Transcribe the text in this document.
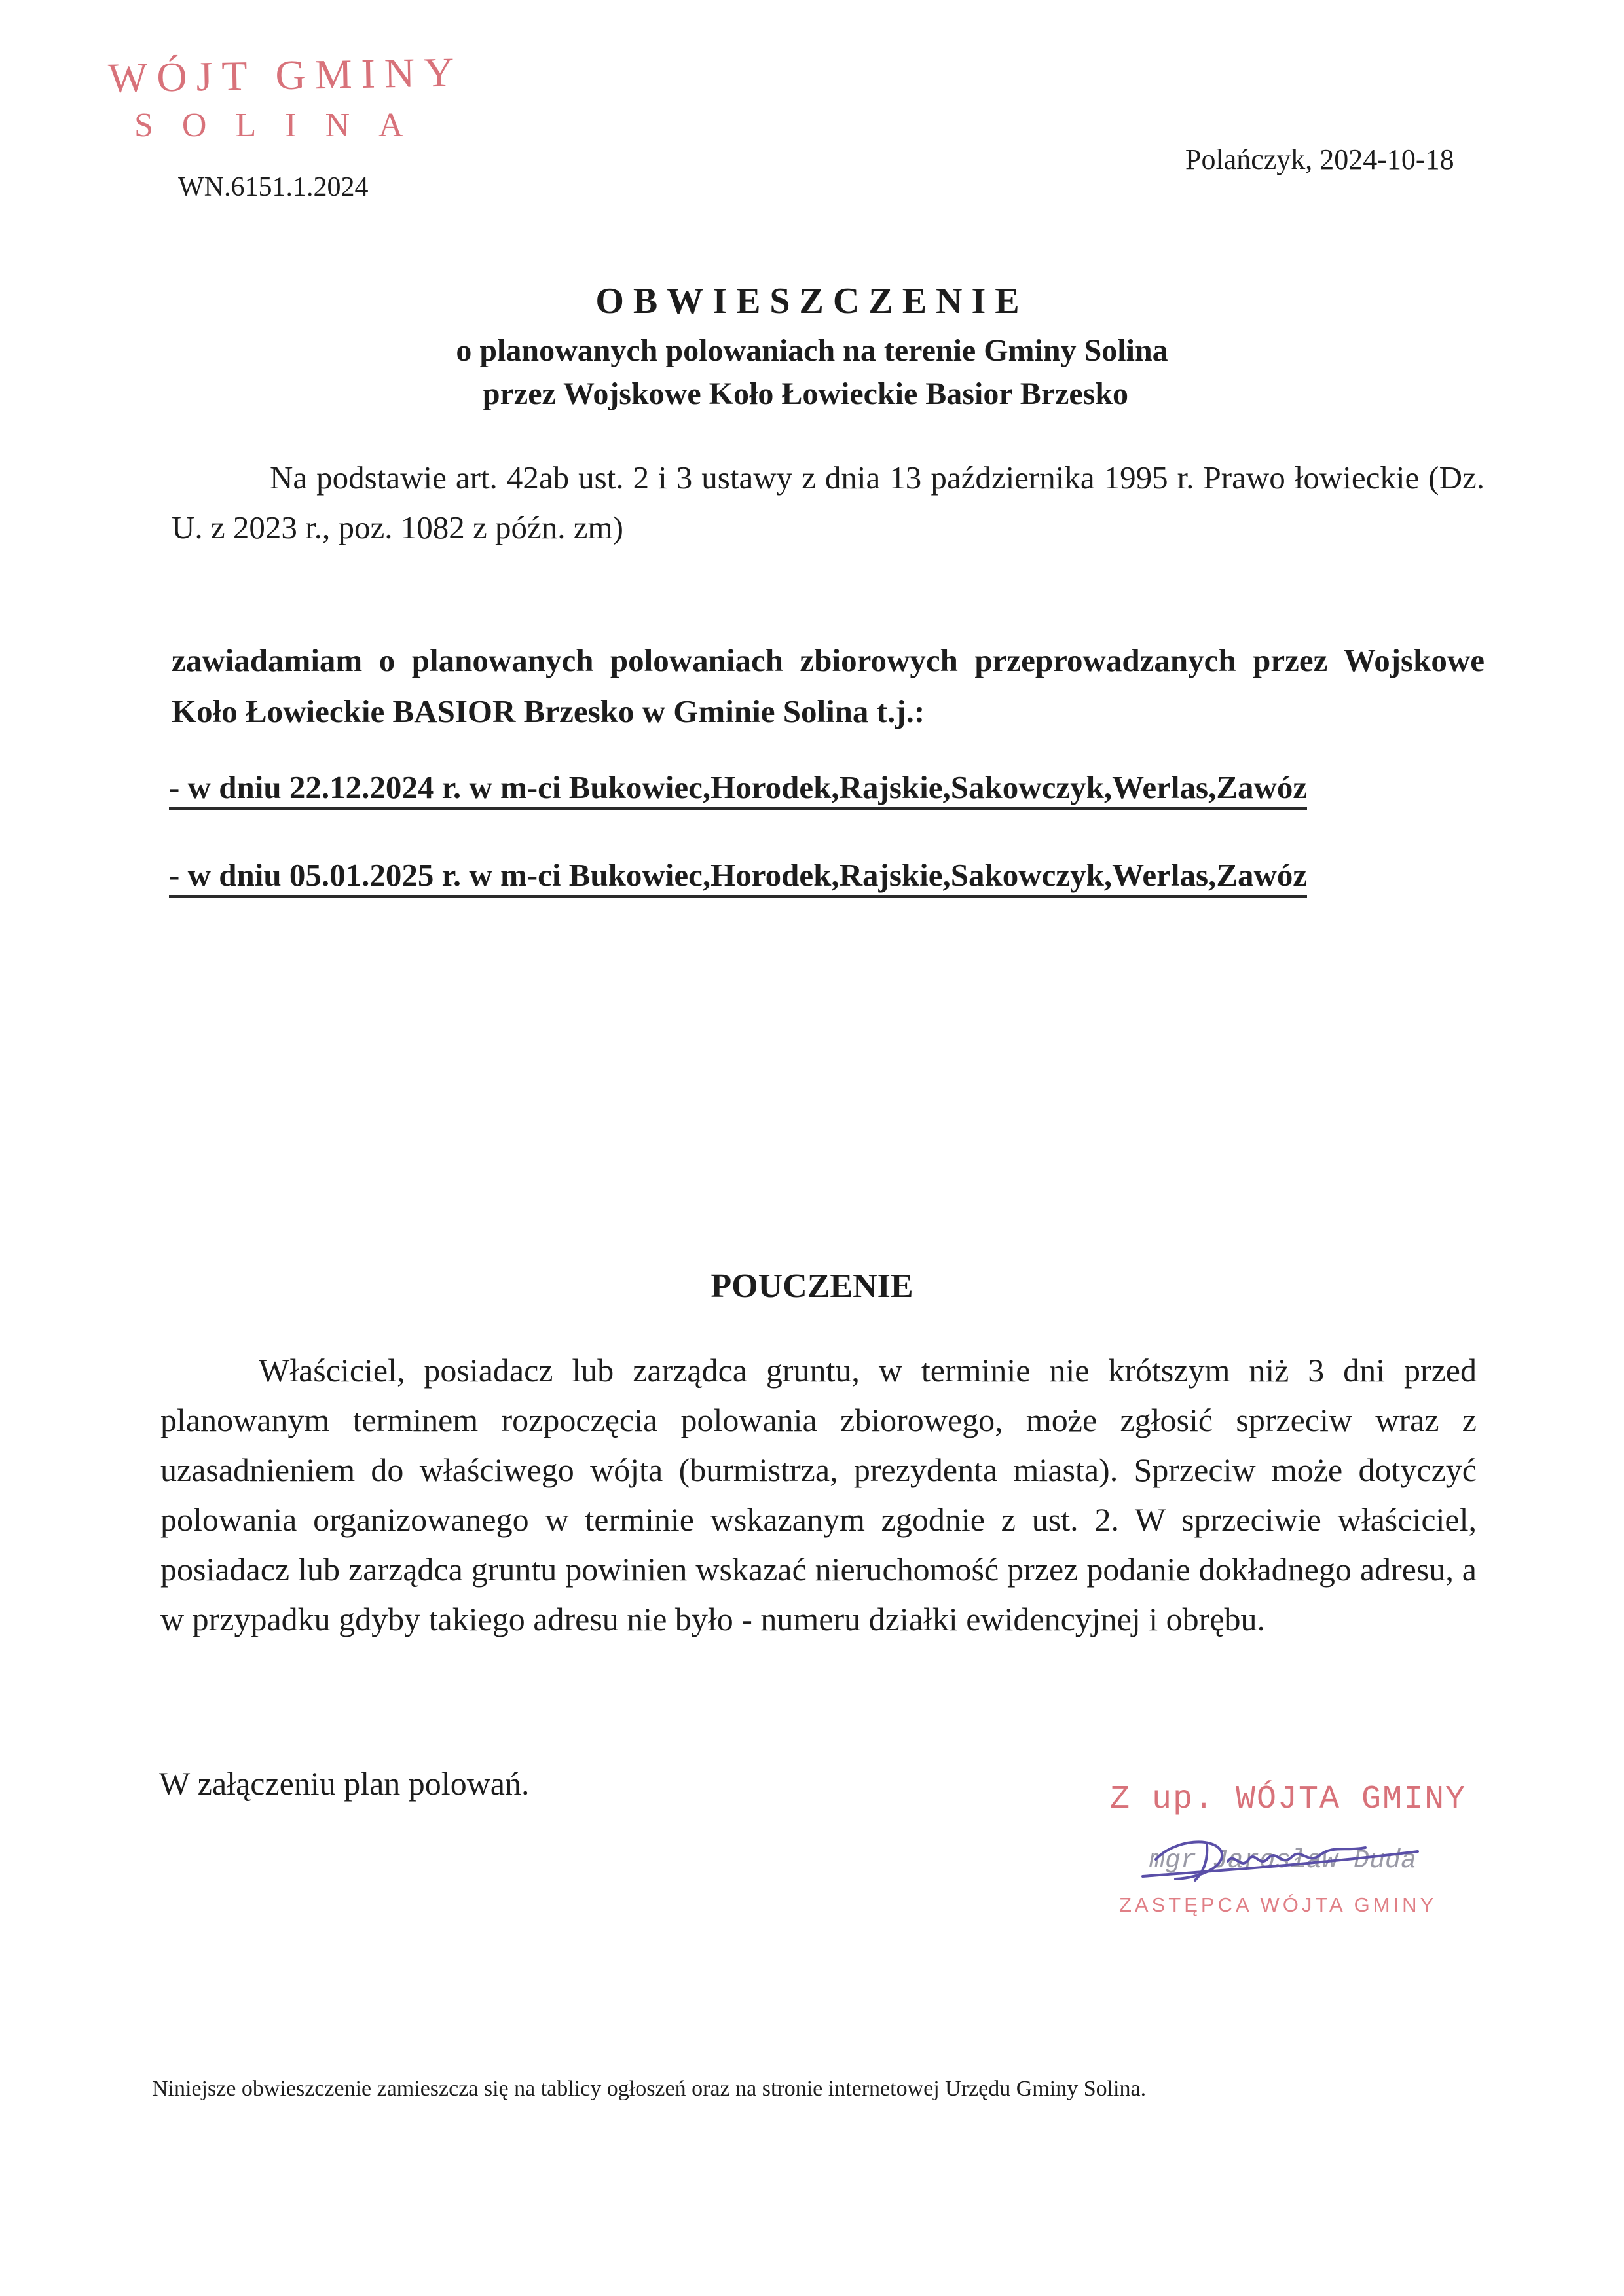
WÓJT GMINY
SOLINA
WN.6151.1.2024
Polańczyk, 2024-10-18
OBWIESZCZENIE
o planowanych polowaniach na terenie Gminy Solina
przez Wojskowe Koło Łowieckie Basior Brzesko
Na podstawie art. 42ab ust. 2 i 3 ustawy z dnia 13 października 1995 r. Prawo łowieckie (Dz. U. z 2023 r., poz. 1082 z późn. zm)
zawiadamiam o planowanych polowaniach zbiorowych przeprowadzanych przez Wojskowe Koło Łowieckie BASIOR Brzesko w Gminie Solina t.j.:
- w dniu 22.12.2024 r. w m-ci Bukowiec,Horodek,Rajskie,Sakowczyk,Werlas,Zawóz
- w dniu 05.01.2025 r. w m-ci Bukowiec,Horodek,Rajskie,Sakowczyk,Werlas,Zawóz
POUCZENIE
Właściciel, posiadacz lub zarządca gruntu, w terminie nie krótszym niż 3 dni przed planowanym terminem rozpoczęcia polowania zbiorowego, może zgłosić sprzeciw wraz z uzasadnieniem do właściwego wójta (burmistrza, prezydenta miasta). Sprzeciw może dotyczyć polowania organizowanego w terminie wskazanym zgodnie z ust. 2. W sprzeciwie właściciel, posiadacz lub zarządca gruntu powinien wskazać nieruchomość przez podanie dokładnego adresu, a w przypadku gdyby takiego adresu nie było - numeru działki ewidencyjnej i obrębu.
W załączeniu plan polowań.	Z up. WÓJTA GMINY
mgr Jarosław Duda
ZASTĘPCA WÓJTA GMINY
Niniejsze obwieszczenie zamieszcza się na tablicy ogłoszeń oraz na stronie internetowej Urzędu Gminy Solina.
